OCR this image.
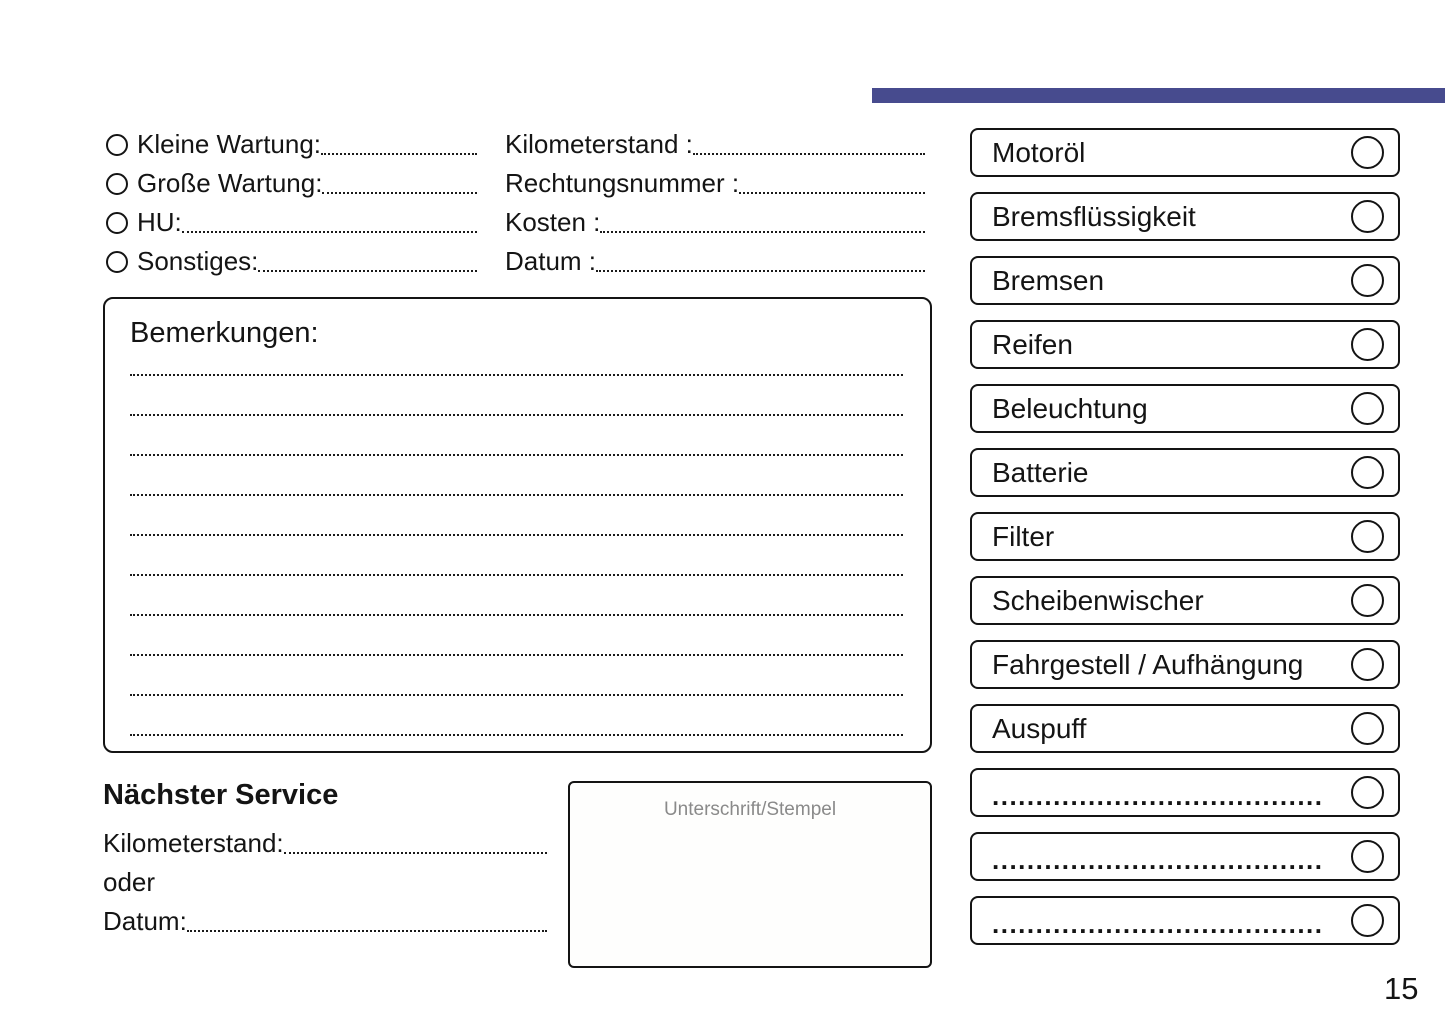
Kleine Wartung:
Große Wartung:
HU:
Sonstiges:
Kilometerstand :
Rechtungsnummer :
Kosten :
Datum :
Bemerkungen:
Nächster Service
Kilometerstand:
oder
Datum:
Unterschrift/Stempel
Motoröl
Bremsflüssigkeit
Bremsen
Reifen
Beleuchtung
Batterie
Filter
Scheibenwischer
Fahrgestell / Aufhängung
Auspuff
......................................
......................................
......................................
15
